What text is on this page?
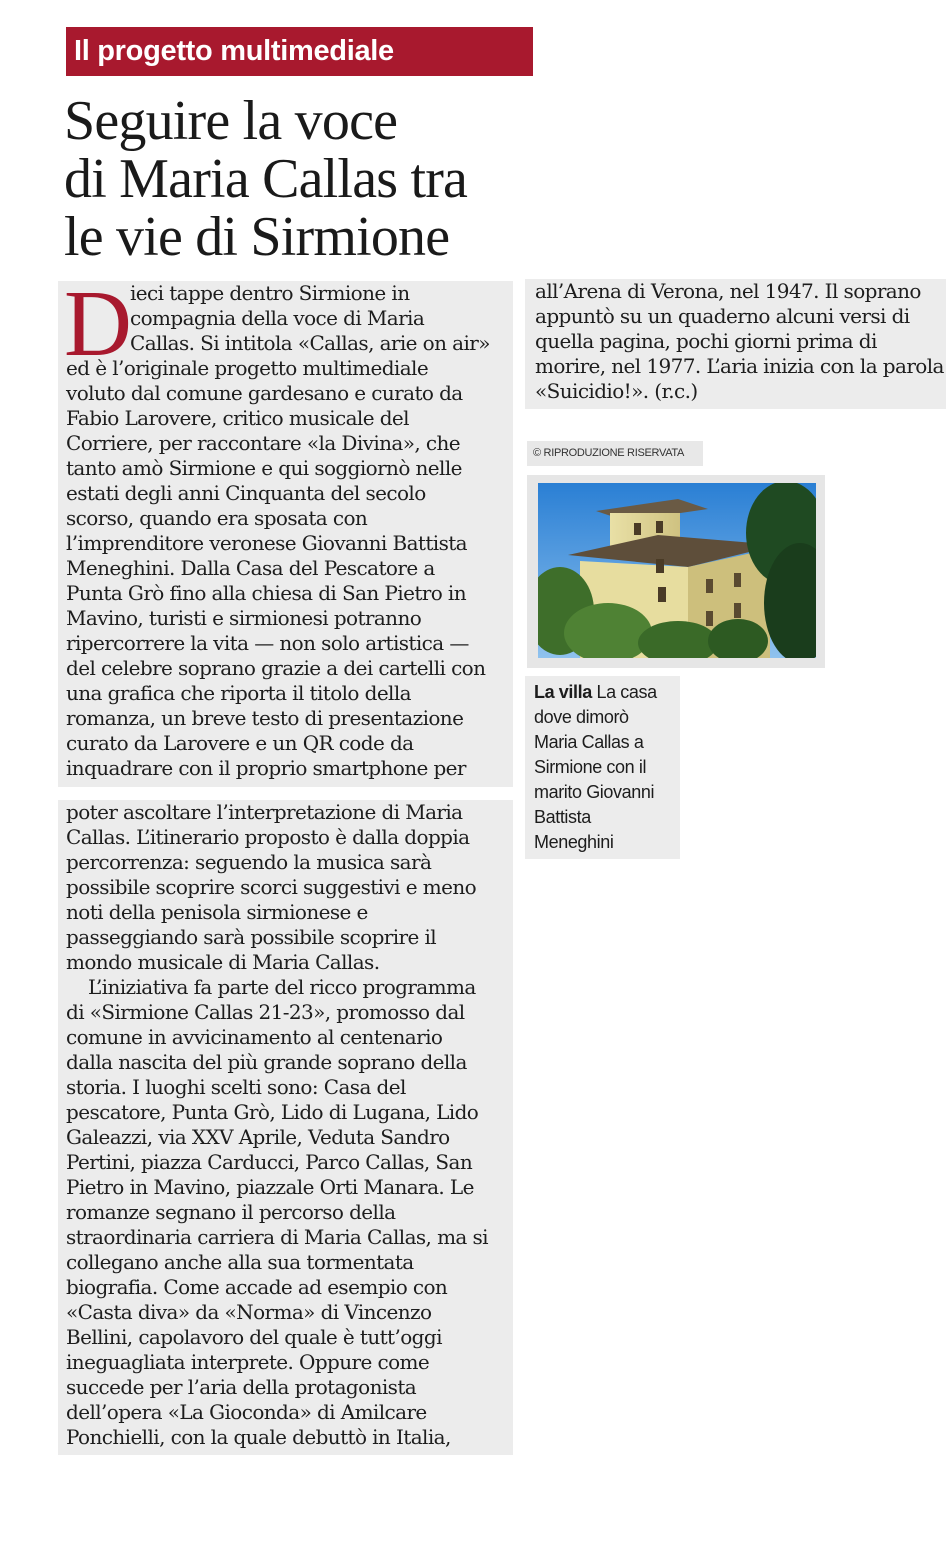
Il progetto multimediale
Seguire la voce
di Maria Callas tra
le vie di Sirmione
D
ieci tappe dentro Sirmione in
compagnia della voce di Maria
Callas. Si intitola «Callas, arie on air»
ed è l’originale progetto multimediale
voluto dal comune gardesano e curato da
Fabio Larovere, critico musicale del
Corriere, per raccontare «la Divina», che
tanto amò Sirmione e qui soggiornò nelle
estati degli anni Cinquanta del secolo
scorso, quando era sposata con
l’imprenditore veronese Giovanni Battista
Meneghini. Dalla Casa del Pescatore a
Punta Grò fino alla chiesa di San Pietro in
Mavino, turisti e sirmionesi potranno
ripercorrere la vita — non solo artistica —
del celebre soprano grazie a dei cartelli con
una grafica che riporta il titolo della
romanza, un breve testo di presentazione
curato da Larovere e un QR code da
inquadrare con il proprio smartphone per
poter ascoltare l’interpretazione di Maria
Callas. L’itinerario proposto è dalla doppia
percorrenza: seguendo la musica sarà
possibile scoprire scorci suggestivi e meno
noti della penisola sirmionese e
passeggiando sarà possibile scoprire il
mondo musicale di Maria Callas.
L’iniziativa fa parte del ricco programma
di «Sirmione Callas 21-23», promosso dal
comune in avvicinamento al centenario
dalla nascita del più grande soprano della
storia. I luoghi scelti sono: Casa del
pescatore, Punta Grò, Lido di Lugana, Lido
Galeazzi, via XXV Aprile, Veduta Sandro
Pertini, piazza Carducci, Parco Callas, San
Pietro in Mavino, piazzale Orti Manara. Le
romanze segnano il percorso della
straordinaria carriera di Maria Callas, ma si
collegano anche alla sua tormentata
biografia. Come accade ad esempio con
«Casta diva» da «Norma» di Vincenzo
Bellini, capolavoro del quale è tutt’oggi
ineguagliata interprete. Oppure come
succede per l’aria della protagonista
dell’opera «La Gioconda» di Amilcare
Ponchielli, con la quale debuttò in Italia,
all’Arena di Verona, nel 1947. Il soprano
appuntò su un quaderno alcuni versi di
quella pagina, pochi giorni prima di
morire, nel 1977. L’aria inizia con la parola
«Suicidio!». (r.c.)
© RIPRODUZIONE RISERVATA
La villa La casa
dove dimorò
Maria Callas a
Sirmione con il
marito Giovanni
Battista
Meneghini
